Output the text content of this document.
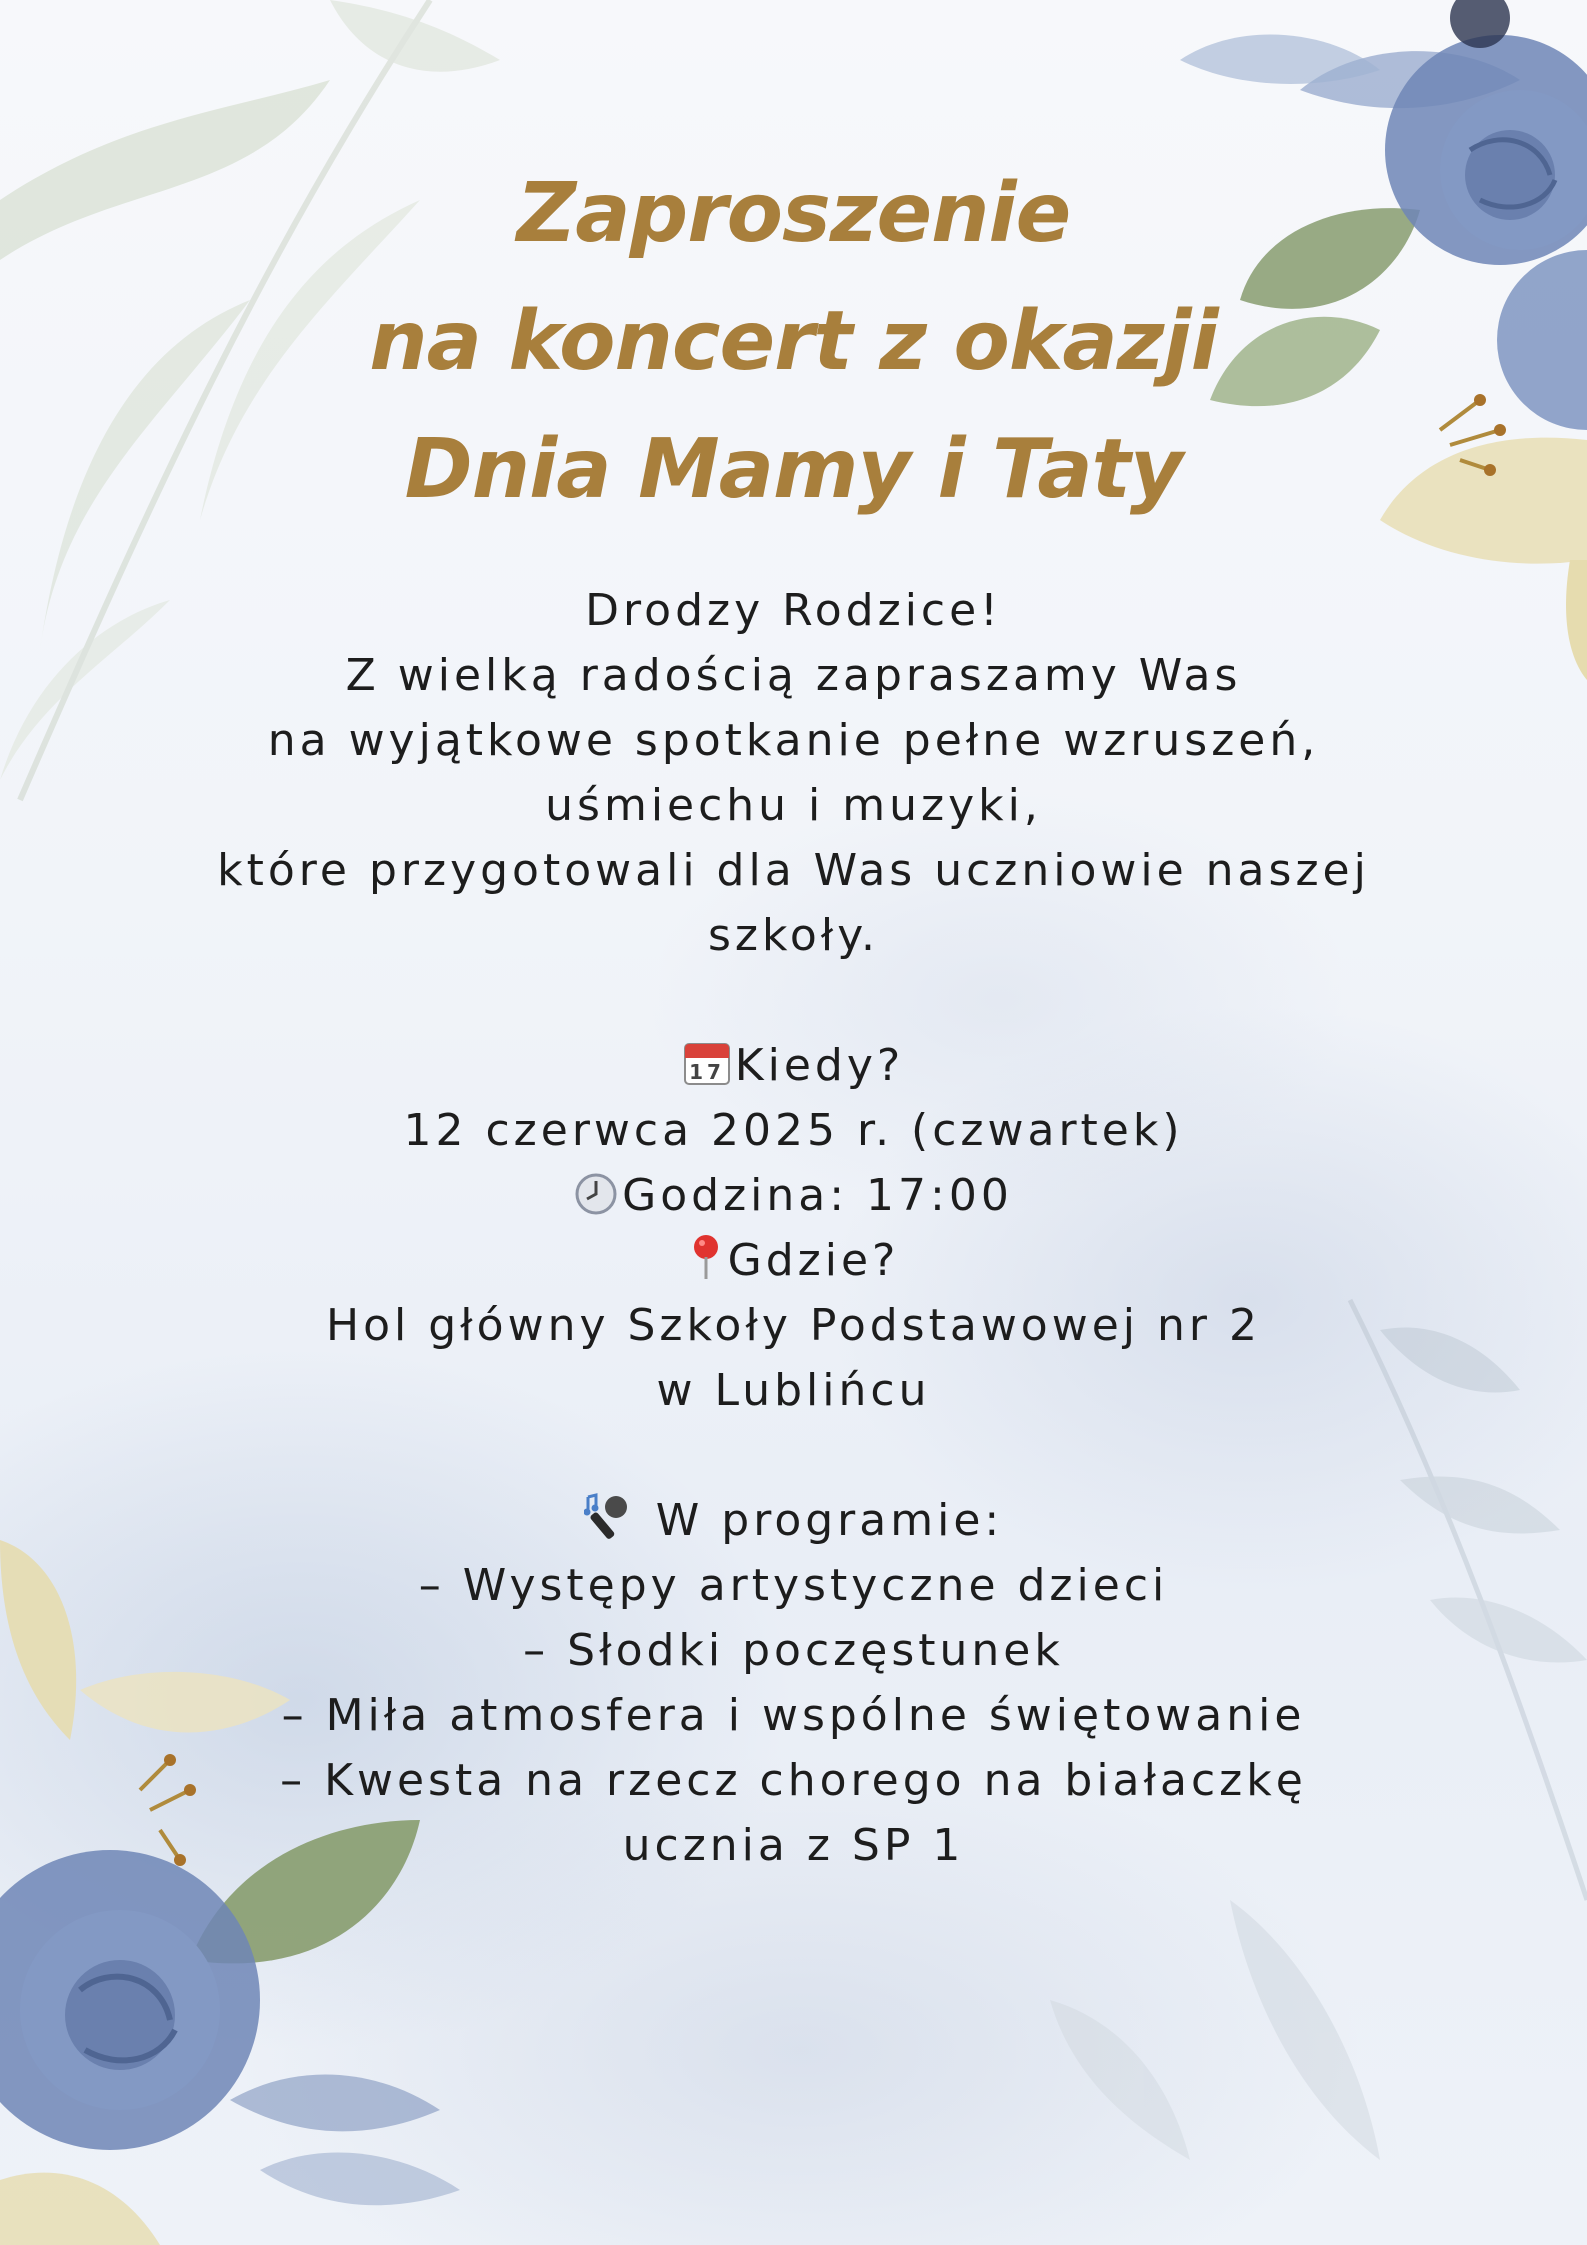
Zaproszenie
na koncert z okazji
Dnia Mamy i Taty
Drodzy Rodzice!
Z wielką radością zapraszamy Was
na wyjątkowe spotkanie pełne wzruszeń,
uśmiechu i muzyki,
które przygotowali dla Was uczniowie naszej
szkoły.
17 Kiedy?
12 czerwca 2025 r. (czwartek)
Godzina: 17:00
Gdzie?
Hol główny Szkoły Podstawowej nr 2
w Lublińcu
W programie:
– Występy artystyczne dzieci
– Słodki poczęstunek
– Miła atmosfera i wspólne świętowanie
– Kwesta na rzecz chorego na białaczkę
ucznia z SP 1
